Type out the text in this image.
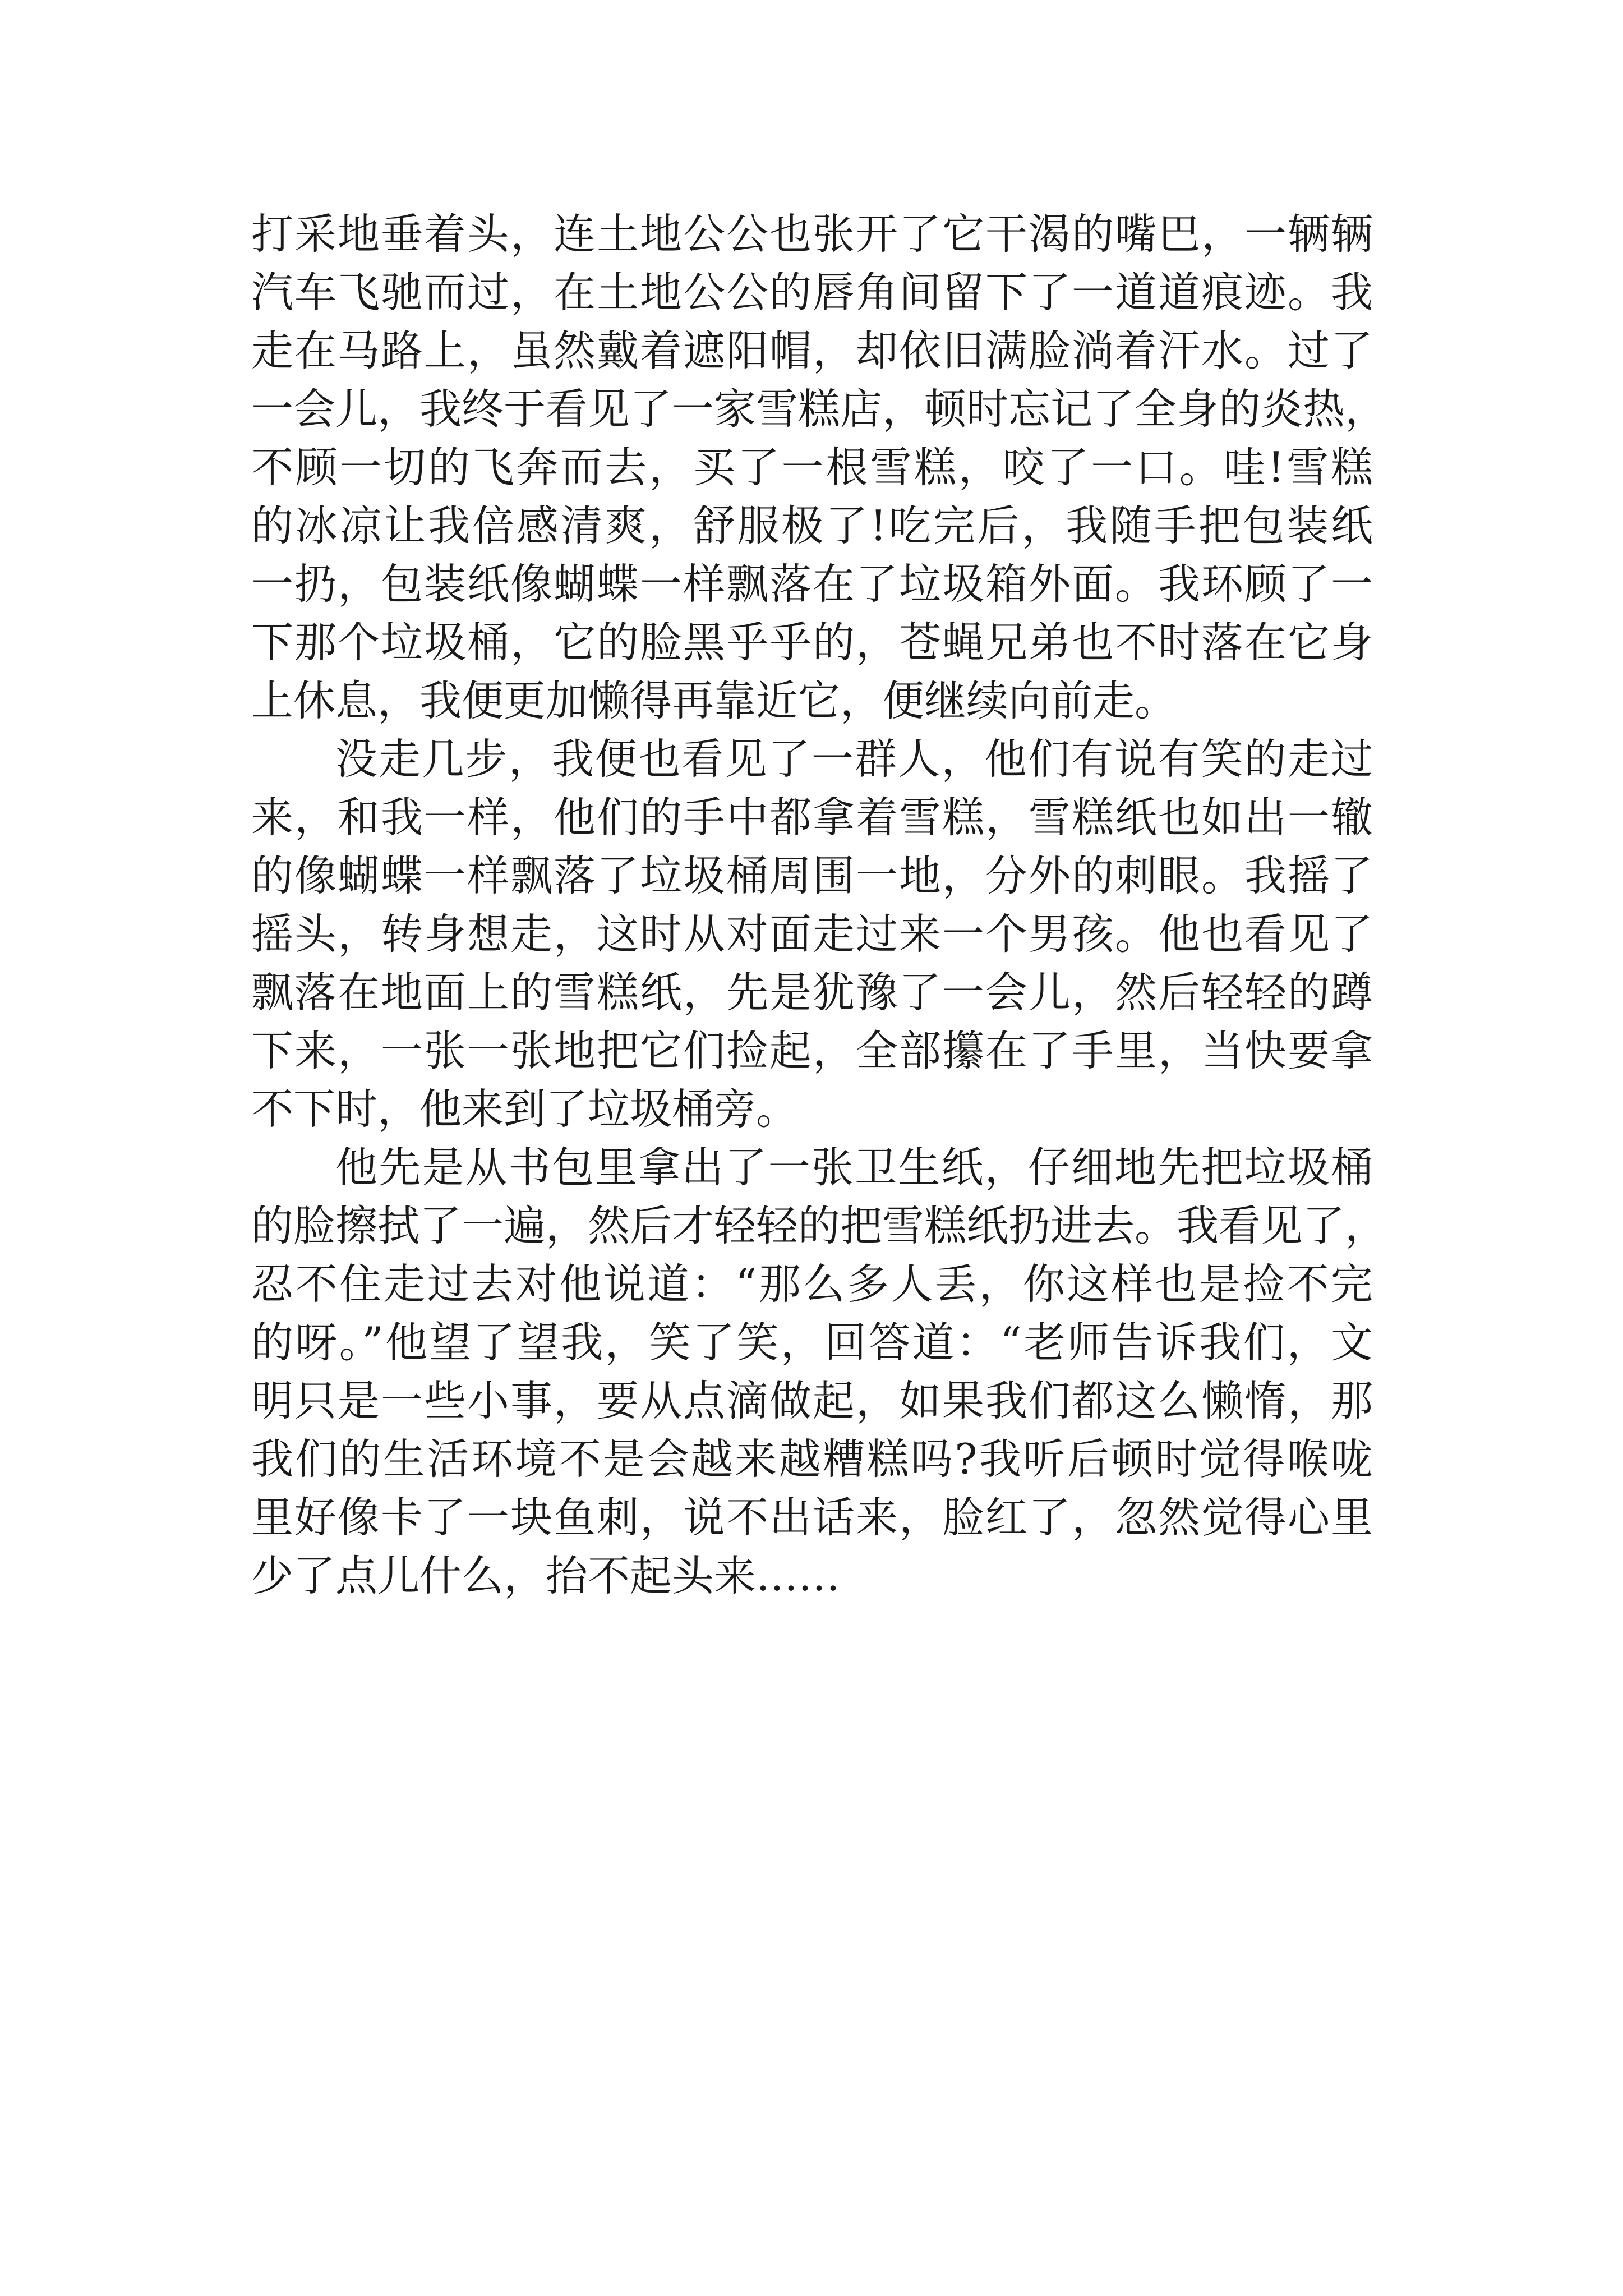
打采地垂着头，连土地公公也张开了它干渴的嘴巴，一辆辆
汽车飞驰而过，在土地公公的唇角间留下了一道道痕迹。我
走在马路上，虽然戴着遮阳帽，却依旧满脸淌着汗水。过了
一会儿，我终于看见了一家雪糕店，顿时忘记了全身的炎热，
不顾一切的飞奔而去，买了一根雪糕，咬了一口。哇!雪糕
的冰凉让我倍感清爽，舒服极了!吃完后，我随手把包装纸
一扔，包装纸像蝴蝶一样飘落在了垃圾箱外面。我环顾了一
下那个垃圾桶，它的脸黑乎乎的，苍蝇兄弟也不时落在它身
上休息，我便更加懒得再靠近它，便继续向前走。
没走几步，我便也看见了一群人，他们有说有笑的走过
来，和我一样，他们的手中都拿着雪糕，雪糕纸也如出一辙
的像蝴蝶一样飘落了垃圾桶周围一地，分外的刺眼。我摇了
摇头，转身想走，这时从对面走过来一个男孩。他也看见了
飘落在地面上的雪糕纸，先是犹豫了一会儿，然后轻轻的蹲
下来，一张一张地把它们捡起，全部攥在了手里，当快要拿
不下时，他来到了垃圾桶旁。
他先是从书包里拿出了一张卫生纸，仔细地先把垃圾桶
的脸擦拭了一遍，然后才轻轻的把雪糕纸扔进去。我看见了，
忍不住走过去对他说道：“那么多人丢，你这样也是捡不完
的呀。”他望了望我，笑了笑，回答道：“老师告诉我们，文
明只是一些小事，要从点滴做起，如果我们都这么懒惰，那
我们的生活环境不是会越来越糟糕吗?我听后顿时觉得喉咙
里好像卡了一块鱼刺，说不出话来，脸红了，忽然觉得心里
少了点儿什么，抬不起头来……
